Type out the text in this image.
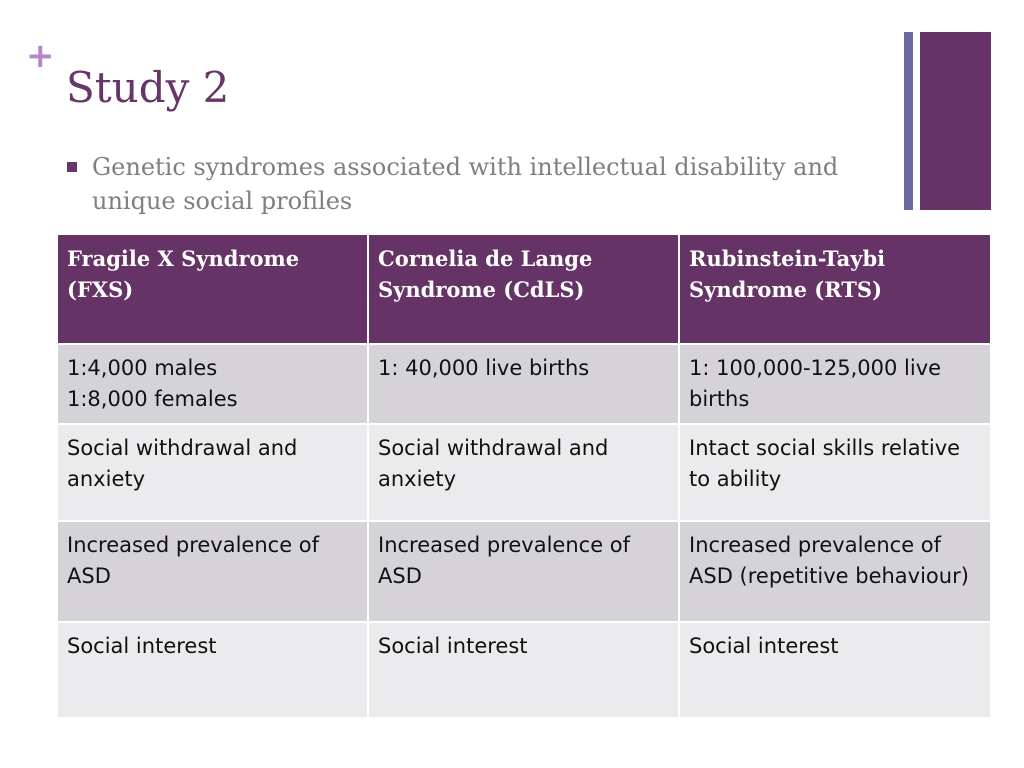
+
Study 2
Genetic syndromes associated with intellectual disability and unique social profiles
Fragile X Syndrome (FXS)	Cornelia de Lange Syndrome (CdLS)	Rubinstein-Taybi Syndrome (RTS)

1:4,000 males
1:8,000 females	1: 40,000 live births	1: 100,000-125,000 live births

Social withdrawal and anxiety	Social withdrawal and anxiety	Intact social skills relative to ability

Increased prevalence of ASD	Increased prevalence of ASD	Increased prevalence of ASD (repetitive behaviour)

Social interest	Social interest	Social interest
